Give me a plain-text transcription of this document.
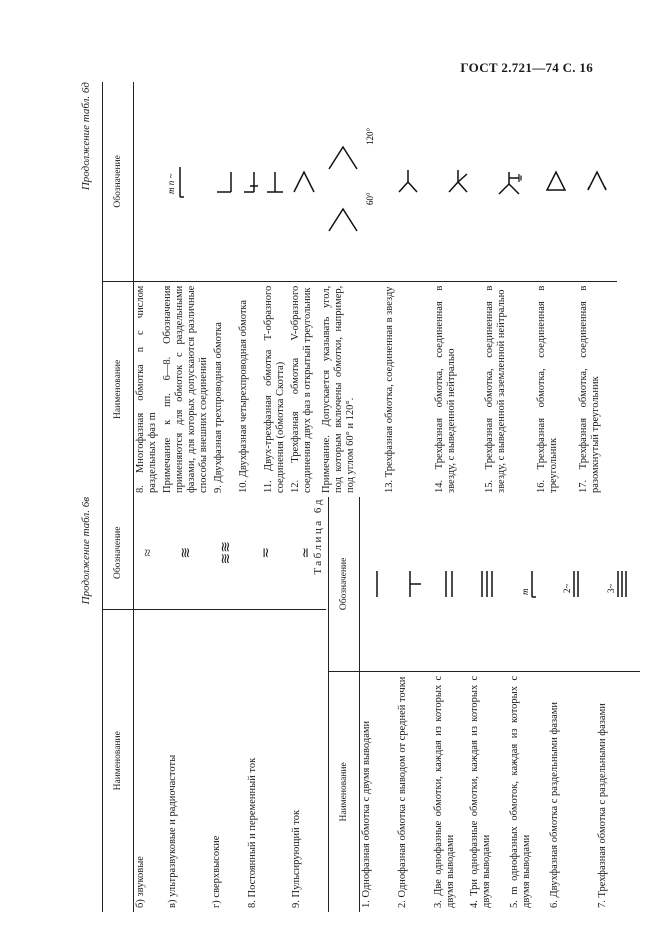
ГОСТ 2.721—74 С. 16
Продолжение табл. 6в
Наименование	Обозначение
б) звуковые	≈
в) ультразвуковые и радиочастоты	≋
г) сверхвысокие	≋≋
8. Постоянный и переменный ток	≂
9. Пульсирующий ток	≃
Таблица 6д
Наименование	Обозначение
1. Однофазная обмотка с двумя выводами	

2. Однофазная обмотка с выводом от средней точки	

3. Две однофазные обмотки, каждая из которых с двумя выводами	

4. Три однофазные обмотки, каждая из которых с двумя выводами	

5. m однофазных обмоток, каждая из которых с двумя выводами	m

6. Двухфазная обмотка с раздельными фазами	2~

7. Трехфазная обмотка с раздельными фазами	3~
Продолжение табл. 6д
Наименование	Обозначение
8. Многофазная обмотка n с числом раздельных фаз m	m n ~

Примечание к пп. 6—8. Обозначения применяются для обмоток с раздельными фазами, для которых допускаются различные способы внешних соединений	
9. Двухфазная трехпроводная обмотка	

10. Двухфазная четырехпроводная обмотка	

11. Двух-трехфазная обмотка Т-образного соединения (обмотка Скотта)	

12. Трехфазная обмотка V-образного соединения двух фаз в открытый треугольник	

Примечание. Допускается указывать угол, под которым включены обмотки, например, под углом 60° и 120°.	60°
120°

13. Трехфазная обмотка, соединенная в звезду	

14. Трехфазная обмотка, соединенная в звезду, с выведенной нейтралью	

15. Трехфазная обмотка, соединенная в звезду, с выведенной заземленной нейтралью	

16. Трехфазная обмотка, соединенная в треугольник	

17. Трехфазная обмотка, соединенная в разомкнутый треугольник	
